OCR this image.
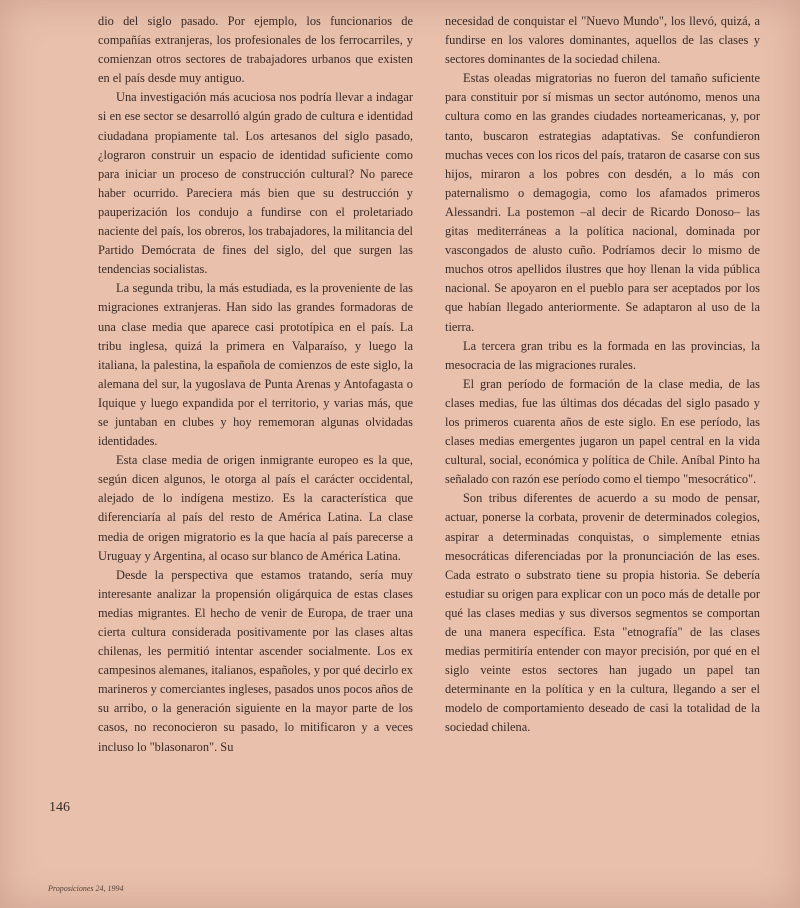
dio del siglo pasado. Por ejemplo, los funcionarios de compañías extranjeras, los profesionales de los ferrocarriles, y comienzan otros sectores de trabajadores urbanos que existen en el país desde muy antiguo.

Una investigación más acuciosa nos podría llevar a indagar si en ese sector se desarrolló algún grado de cultura e identidad ciudadana propiamente tal. Los artesanos del siglo pasado, ¿lograron construir un espacio de identidad suficiente como para iniciar un proceso de construcción cultural? No parece haber ocurrido. Pareciera más bien que su destrucción y pauperización los condujo a fundirse con el proletariado naciente del país, los obreros, los trabajadores, la militancia del Partido Demócrata de fines del siglo, del que surgen las tendencias socialistas.

La segunda tribu, la más estudiada, es la proveniente de las migraciones extranjeras. Han sido las grandes formadoras de una clase media que aparece casi prototípica en el país. La tribu inglesa, quizá la primera en Valparaíso, y luego la italiana, la palestina, la española de comienzos de este siglo, la alemana del sur, la yugoslava de Punta Arenas y Antofagasta o Iquique y luego expandida por el territorio, y varias más, que se juntaban en clubes y hoy rememoran algunas olvidadas identidades.

Esta clase media de origen inmigrante europeo es la que, según dicen algunos, le otorga al país el carácter occidental, alejado de lo indígena mestizo. Es la característica que diferenciaría al país del resto de América Latina. La clase media de origen migratorio es la que hacía al país parecerse a Uruguay y Argentina, al ocaso sur blanco de América Latina.

Desde la perspectiva que estamos tratando, sería muy interesante analizar la propensión oligárquica de estas clases medias migrantes. El hecho de venir de Europa, de traer una cierta cultura considerada positivamente por las clases altas chilenas, les permitió intentar ascender socialmente. Los ex campesinos alemanes, italianos, españoles, y por qué decirlo ex marineros y comerciantes ingleses, pasados unos pocos años de su arribo, o la generación siguiente en la mayor parte de los casos, no reconocieron su pasado, lo mitificaron y a veces incluso lo "blasonaron". Su

necesidad de conquistar el "Nuevo Mundo", los llevó, quizá, a fundirse en los valores dominantes, aquellos de las clases y sectores dominantes de la sociedad chilena.

Estas oleadas migratorias no fueron del tamaño suficiente para constituir por sí mismas un sector autónomo, menos una cultura como en las grandes ciudades norteamericanas, y, por tanto, buscaron estrategias adaptativas. Se confundieron muchas veces con los ricos del país, trataron de casarse con sus hijos, miraron a los pobres con desdén, a lo más con paternalismo o demagogia, como los afamados primeros Alessandri. La postemon –al decir de Ricardo Donoso– las gitas mediterráneas a la política nacional, dominada por vascongados de alusto cuño. Podríamos decir lo mismo de muchos otros apellidos ilustres que hoy llenan la vida pública nacional. Se apoyaron en el pueblo para ser aceptados por los que habían llegado anteriormente. Se adaptaron al uso de la tierra.

La tercera gran tribu es la formada en las provincias, la mesocracia de las migraciones rurales.

El gran período de formación de la clase media, de las clases medias, fue las últimas dos décadas del siglo pasado y los primeros cuarenta años de este siglo. En ese período, las clases medias emergentes jugaron un papel central en la vida cultural, social, económica y política de Chile. Aníbal Pinto ha señalado con razón ese período como el tiempo "mesocrático".

Son tribus diferentes de acuerdo a su modo de pensar, actuar, ponerse la corbata, provenir de determinados colegios, aspirar a determinadas conquistas, o simplemente etnias mesocráticas diferenciadas por la pronunciación de las eses. Cada estrato o substrato tiene su propia historia. Se debería estudiar su origen para explicar con un poco más de detalle por qué las clases medias y sus diversos segmentos se comportan de una manera específica. Esta "etnografía" de las clases medias permitiría entender con mayor precisión, por qué en el siglo veinte estos sectores han jugado un papel tan determinante en la política y en la cultura, llegando a ser el modelo de comportamiento deseado de casi la totalidad de la sociedad chilena.

146
Proposiciones 24, 1994
